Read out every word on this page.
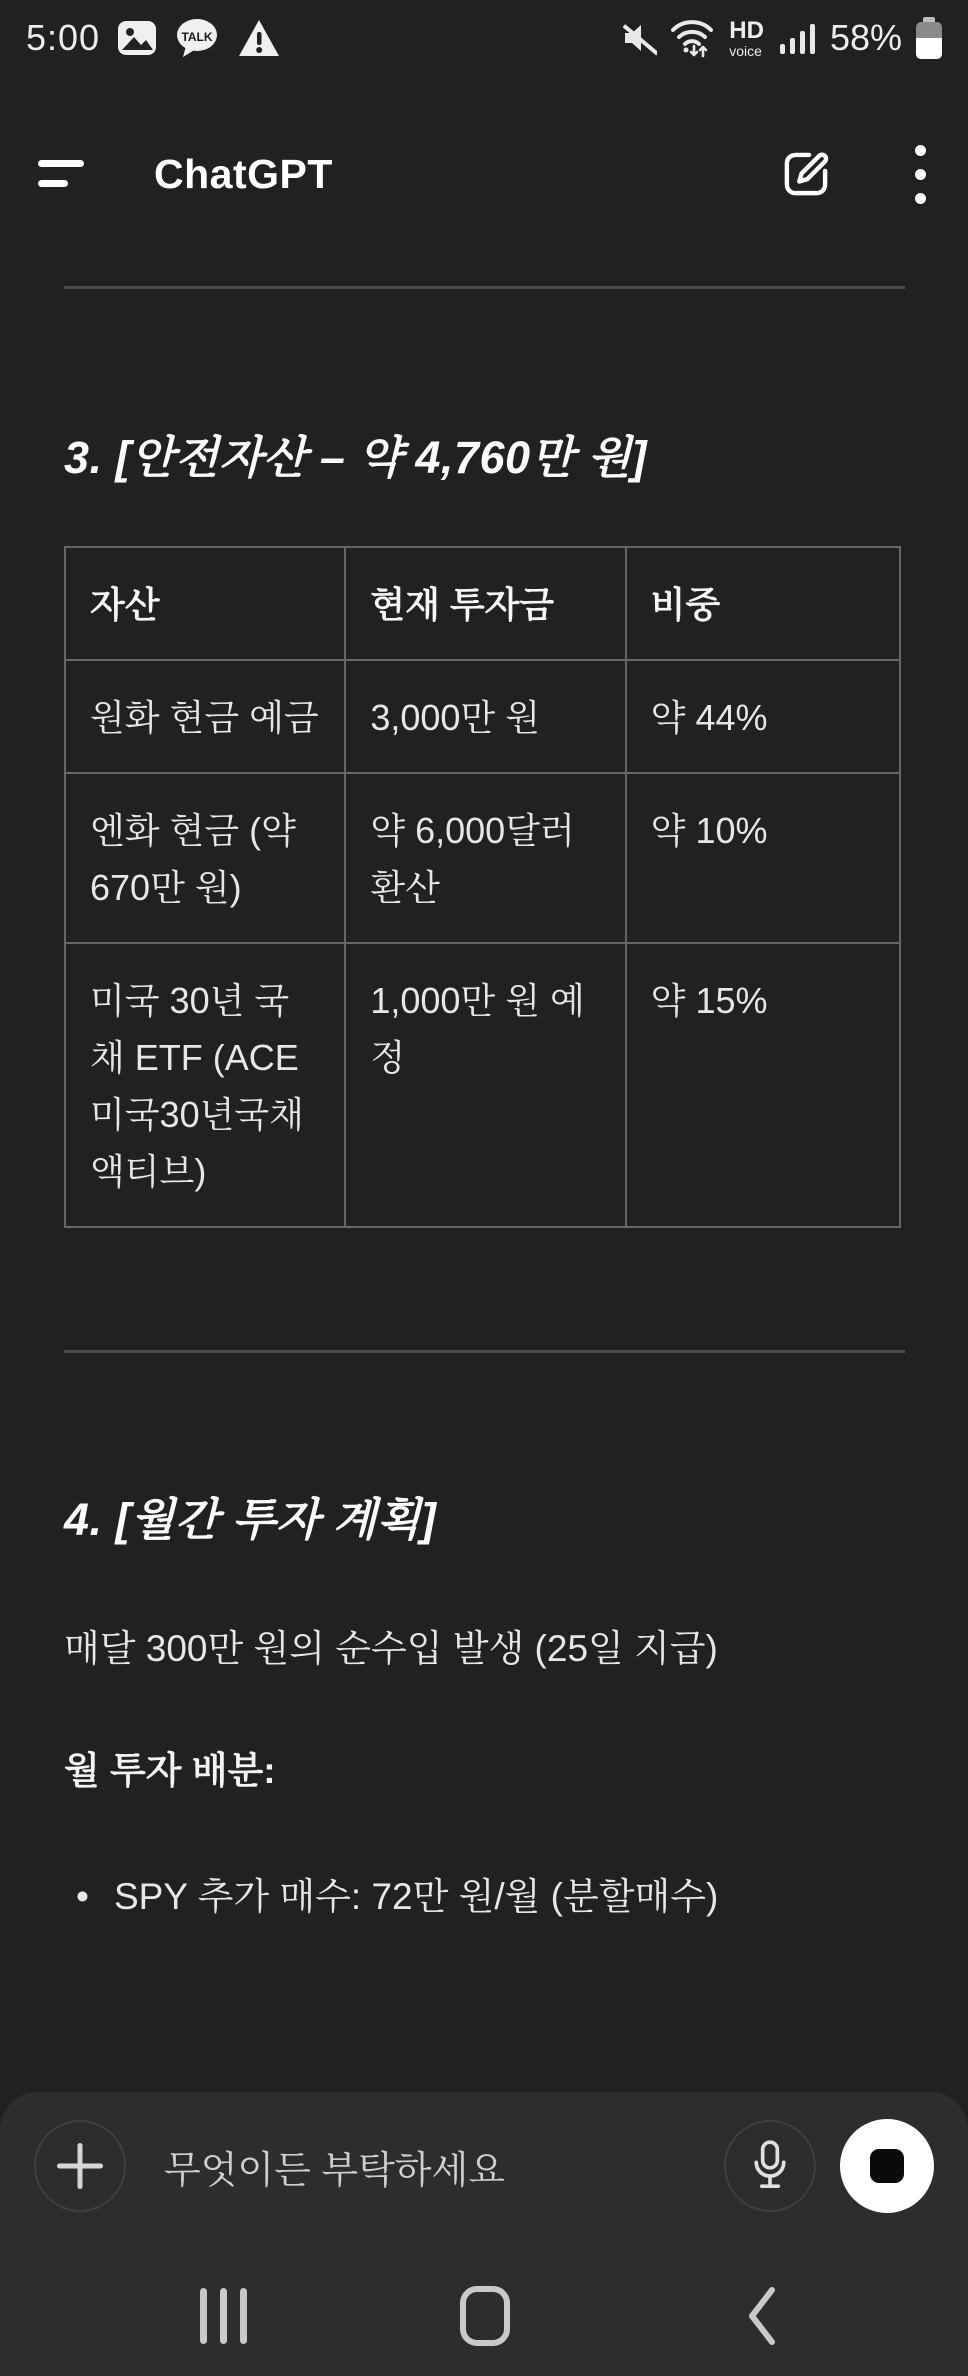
5:00	TALK	HD
voice 58%
ChatGPT
3. [안전자산 – 약 4,760만 원]
자산	현재 투자금	비중
원화 현금 예금	3,000만 원	약 44%
엔화 현금 (약 670만 원)	약 6,000달러 환산	약 10%
미국 30년 국채 ETF (ACE 미국30년국채액티브)	1,000만 원 예정	약 15%
4. [월간 투자 계획]
매달 300만 원의 순수입 발생 (25일 지급)
월 투자 배분:
• SPY 추가 매수: 72만 원/월 (분할매수)
무엇이든 부탁하세요
